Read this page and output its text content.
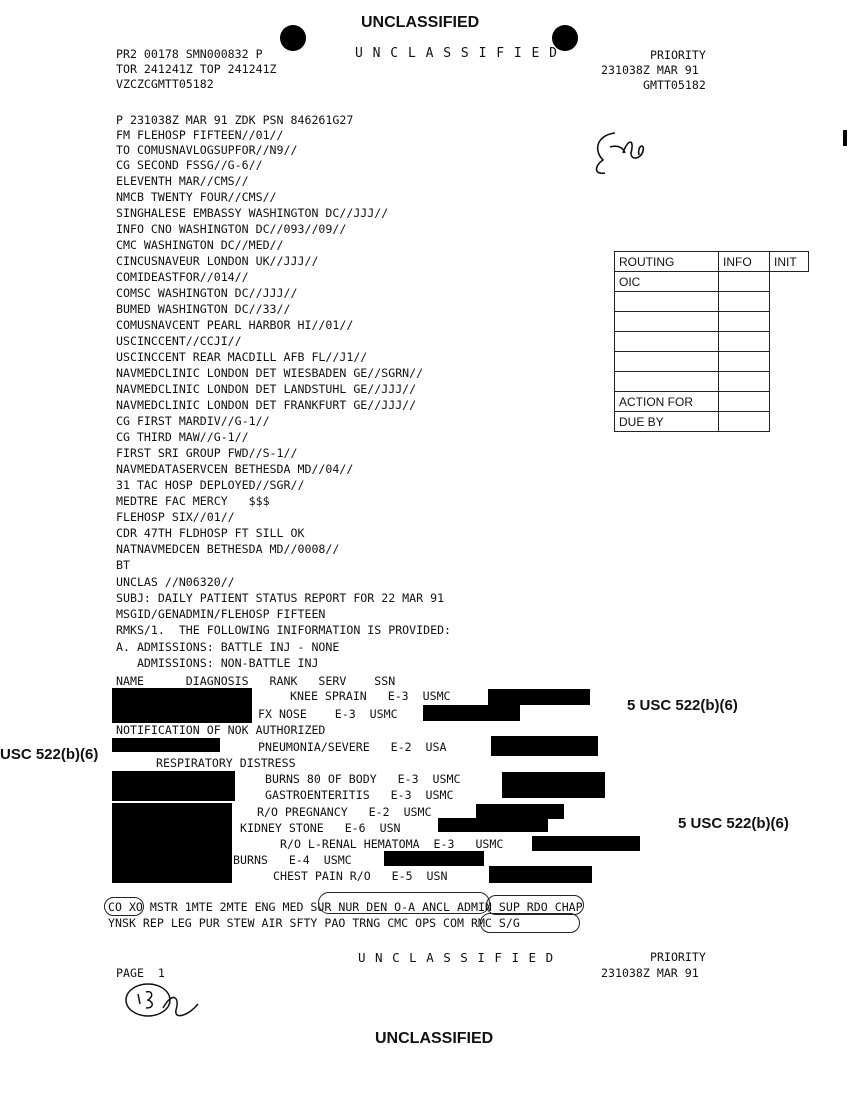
UNCLASSIFIED
PR2 00178 SMN000832 P
TOR 241241Z TOP 241241Z
VZCZCGMTT05182
U N C L A S S I F I E D	PRIORITY
231038Z MAR 91
GMTT05182
P 231038Z MAR 91 ZDK PSN 846261G27
FM FLEHOSP FIFTEEN//01//
TO COMUSNAVLOGSUPFOR//N9//
CG SECOND FSSG//G-6//
ELEVENTH MAR//CMS//
NMCB TWENTY FOUR//CMS//
SINGHALESE EMBASSY WASHINGTON DC//JJJ//
INFO CNO WASHINGTON DC//093//09//
CMC WASHINGTON DC//MED//
CINCUSNAVEUR LONDON UK//JJJ//
COMIDEASTFOR//014//
COMSC WASHINGTON DC//JJJ//
BUMED WASHINGTON DC//33//
COMUSNAVCENT PEARL HARBOR HI//01//
USCINCCENT//CCJI//
USCINCCENT REAR MACDILL AFB FL//J1//
NAVMEDCLINIC LONDON DET WIESBADEN GE//SGRN//
NAVMEDCLINIC LONDON DET LANDSTUHL GE//JJJ//
NAVMEDCLINIC LONDON DET FRANKFURT GE//JJJ//
CG FIRST MARDIV//G-1//
CG THIRD MAW//G-1//
FIRST SRI GROUP FWD//S-1//
NAVMEDATASERVCEN BETHESDA MD//04//
31 TAC HOSP DEPLOYED//SGR//
MEDTRE FAC MERCY   $$$
FLEHOSP SIX//01//
CDR 47TH FLDHOSP FT SILL OK
NATNAVMEDCEN BETHESDA MD//0008//
BT
UNCLAS //N06320//
SUBJ: DAILY PATIENT STATUS REPORT FOR 22 MAR 91
MSGID/GENADMIN/FLEHOSP FIFTEEN
RMKS/1.  THE FOLLOWING INIFORMATION IS PROVIDED:
A. ADMISSIONS: BATTLE INJ - NONE
ADMISSIONS: NON-BATTLE INJ
NAME      DIAGNOSIS   RANK   SERV    SSN
ROUTING	INFO	INIT
OIC		

ACTION FOR		
DUE BY		
KNEE SPRAIN   E-3  USMC
FX NOSE    E-3  USMC
NOTIFICATION OF NOK AUTHORIZED
PNEUMONIA/SEVERE   E-2  USA
RESPIRATORY DISTRESS
BURNS 80 OF BODY   E-3  USMC
GASTROENTERITIS   E-3  USMC
R/O PREGNANCY   E-2  USMC
KIDNEY STONE   E-6  USN
R/O L-RENAL HEMATOMA  E-3   USMC
BURNS   E-4  USMC
CHEST PAIN R/O   E-5  USN
5 USC 522(b)(6)
USC 522(b)(6)
5 USC 522(b)(6)
CO XO MSTR 1MTE 2MTE ENG MED SUR NUR DEN O-A ANCL ADMIN SUP RDO CHAP
YNSK REP LEG PUR STEW AIR SFTY PAO TRNG CMC OPS COM RMC S/G
U N C L A S S I F I E D	PRIORITY
231038Z MAR 91
PAGE  1
UNCLASSIFIED
